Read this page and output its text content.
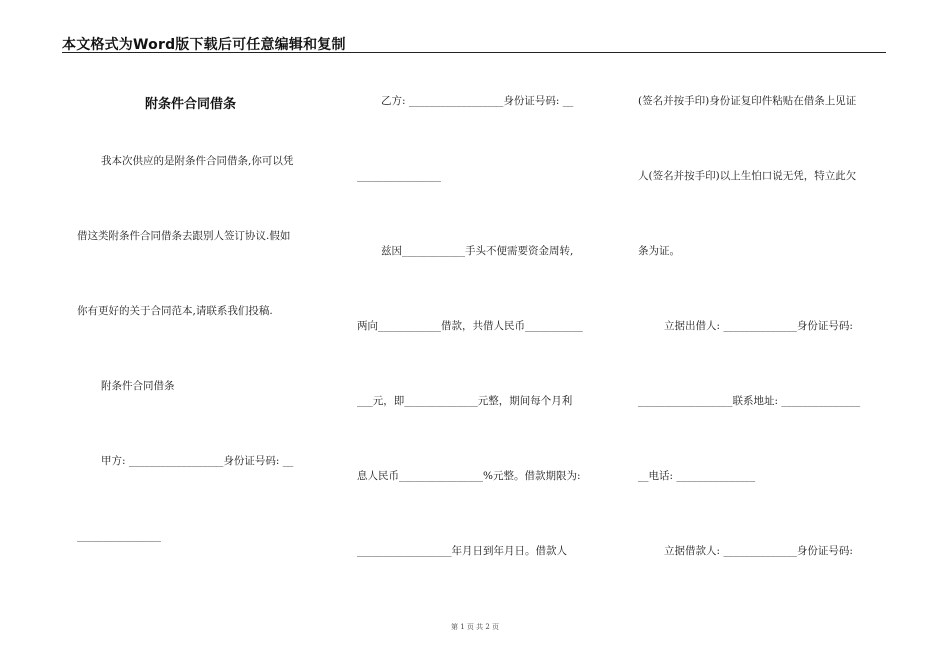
本文格式为Word版下载后可任意编辑和复制
附条件合同借条
我本次供应的是附条件合同借条,你可以凭
借这类附条件合同借条去跟别人签订协议.假如
你有更好的关于合同范本,请联系我们投稿.
附条件合同借条
甲方: __________________身份证号码: __
________________
乙方: __________________身份证号码: __
________________
兹因____________手头不便需要资金周转,
两向____________借款，共借人民币___________
___元，即______________元整，期间每个月利
息人民币________________%元整。借款期限为:
__________________年月日到年月日。借款人
(签名并按手印)身份证复印件粘贴在借条上见证
人(签名并按手印)以上生怕口说无凭，特立此欠
条为证。
立据出借人: ______________身份证号码:
__________________联系地址: _______________
__电话: _______________
立据借款人: ______________身份证号码:
第 1 页 共 2 页
